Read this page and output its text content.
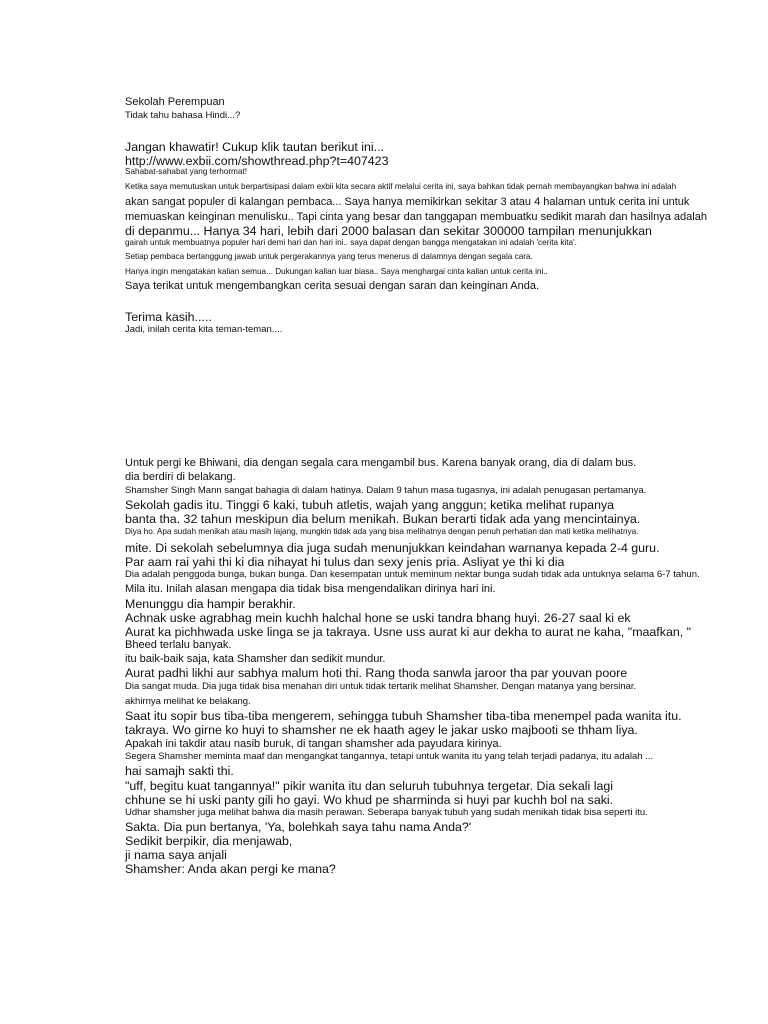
Sekolah Perempuan

Tidak tahu bahasa Hindi...?

Jangan khawatir! Cukup klik tautan berikut ini...

http://www.exbii.com/showthread.php?t=407423

Sahabat-sahabat yang terhormat!

Ketika saya memutuskan untuk berpartisipasi dalam exbii kita secara aktif melalui cerita ini, saya bahkan tidak pernah membayangkan bahwa ini adalah

akan sangat populer di kalangan pembaca... Saya hanya memikirkan sekitar 3 atau 4 halaman untuk cerita ini untuk

memuaskan keinginan menulisku.. Tapi cinta yang besar dan tanggapan membuatku sedikit marah dan hasilnya adalah

di depanmu... Hanya 34 hari, lebih dari 2000 balasan dan sekitar 300000 tampilan menunjukkan

gairah untuk membuatnya populer hari demi hari dan hari ini.. saya dapat dengan bangga mengatakan ini adalah 'cerita kita'.

Setiap pembaca bertanggung jawab untuk pergerakannya yang terus menerus di dalamnya dengan segala cara.

Hanya ingin mengatakan kalian semua... Dukungan kalian luar biasa.. Saya menghargai cinta kalian untuk cerita ini..

Saya terikat untuk mengembangkan cerita sesuai dengan saran dan keinginan Anda.

Terima kasih.....

Jadi, inilah cerita kita teman-teman....

Untuk pergi ke Bhiwani, dia dengan segala cara mengambil bus. Karena banyak orang, dia di dalam bus.

dia berdiri di belakang.

Shamsher Singh Mann sangat bahagia di dalam hatinya. Dalam 9 tahun masa tugasnya, ini adalah penugasan pertamanya.

Sekolah gadis itu. Tinggi 6 kaki, tubuh atletis, wajah yang anggun; ketika melihat rupanya

banta tha. 32 tahun meskipun dia belum menikah. Bukan berarti tidak ada yang mencintainya.

Diya ho. Apa sudah menikah atau masih lajang, mungkin tidak ada yang bisa melihatnya dengan penuh perhatian dan mati ketika melihatnya.

mite. Di sekolah sebelumnya dia juga sudah menunjukkan keindahan warnanya kepada 2-4 guru.

Par aam rai yahi thi ki dia nihayat hi tulus dan sexy jenis pria. Asliyat ye thi ki dia

Dia adalah penggoda bunga, bukan bunga. Dan kesempatan untuk meminum nektar bunga sudah tidak ada untuknya selama 6-7 tahun.

Mila itu. Inilah alasan mengapa dia tidak bisa mengendalikan dirinya hari ini.

Menunggu dia hampir berakhir.

Achnak uske agrabhag mein kuchh halchal hone se uski tandra bhang huyi. 26-27 saal ki ek

Aurat ka pichhwada uske linga se ja takraya. Usne uss aurat ki aur dekha to aurat ne kaha, "maafkan, "

Bheed terlalu banyak.

itu baik-baik saja, kata Shamsher dan sedikit mundur.

Aurat padhi likhi aur sabhya malum hoti thi. Rang thoda sanwla jaroor tha par youvan poore

Dia sangat muda. Dia juga tidak bisa menahan diri untuk tidak tertarik melihat Shamsher. Dengan matanya yang bersinar.

akhirnya melihat ke belakang.

Saat itu sopir bus tiba-tiba mengerem, sehingga tubuh Shamsher tiba-tiba menempel pada wanita itu.

takraya. Wo girne ko huyi to shamsher ne ek haath agey le jakar usko majbooti se thham liya.

Apakah ini takdir atau nasib buruk, di tangan shamsher ada payudara kirinya.

Segera Shamsher meminta maaf dan mengangkat tangannya, tetapi untuk wanita itu yang telah terjadi padanya, itu adalah ...

hai samajh sakti thi.

"uff, begitu kuat tangannya!" pikir wanita itu dan seluruh tubuhnya tergetar. Dia sekali lagi

chhune se hi uski panty gili ho gayi. Wo khud pe sharminda si huyi par kuchh bol na saki.

Udhar shamsher juga melihat bahwa dia masih perawan. Seberapa banyak tubuh yang sudah menikah tidak bisa seperti itu.

Sakta. Dia pun bertanya, 'Ya, bolehkah saya tahu nama Anda?'

Sedikit berpikir, dia menjawab,

ji nama saya anjali

Shamsher: Anda akan pergi ke mana?
